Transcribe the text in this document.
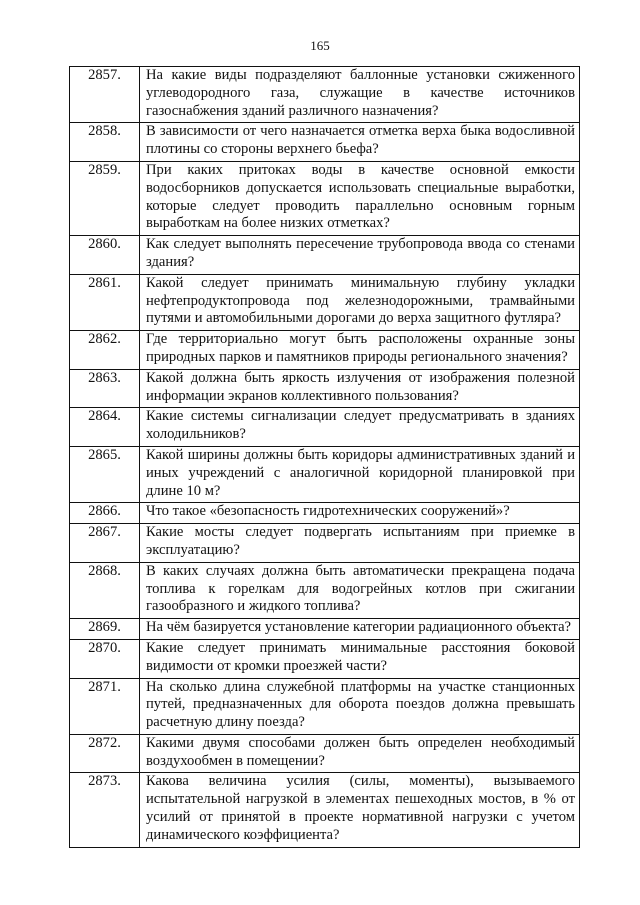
165
2857.	На какие виды подразделяют баллонные установки сжиженного углеводородного газа, служащие в качестве источников газоснабжения зданий различного назначения?
2858.	В зависимости от чего назначается отметка верха быка водосливной плотины со стороны верхнего бьефа?
2859.	При каких притоках воды в качестве основной емкости водосборников допускается использовать специальные выработки, которые следует проводить параллельно основным горным выработкам на более низких отметках?
2860.	Как следует выполнять пересечение трубопровода ввода со стенами здания?
2861.	Какой следует принимать минимальную глубину укладки нефтепродуктопровода под железнодорожными, трамвайными путями и автомобильными дорогами до верха защитного футляра?
2862.	Где территориально могут быть расположены охранные зоны природных парков и памятников природы регионального значения?
2863.	Какой должна быть яркость излучения от изображения полезной информации экранов коллективного пользования?
2864.	Какие системы сигнализации следует предусматривать в зданиях холодильников?
2865.	Какой ширины должны быть коридоры административных зданий и иных учреждений с аналогичной коридорной планировкой при длине 10 м?
2866.	Что такое «безопасность гидротехнических сооружений»?
2867.	Какие мосты следует подвергать испытаниям при приемке в эксплуатацию?
2868.	В каких случаях должна быть автоматически прекращена подача топлива к горелкам для водогрейных котлов при сжигании газообразного и жидкого топлива?
2869.	На чём базируется установление категории радиационного объекта?
2870.	Какие следует принимать минимальные расстояния боковой видимости от кромки проезжей части?
2871.	На сколько длина служебной платформы на участке станционных путей, предназначенных для оборота поездов должна превышать расчетную длину поезда?
2872.	Какими двумя способами должен быть определен необходимый воздухообмен в помещении?
2873.	Какова величина усилия (силы, моменты), вызываемого испытательной нагрузкой в элементах пешеходных мостов, в % от усилий от принятой в проекте нормативной нагрузки с учетом динамического коэффициента?
